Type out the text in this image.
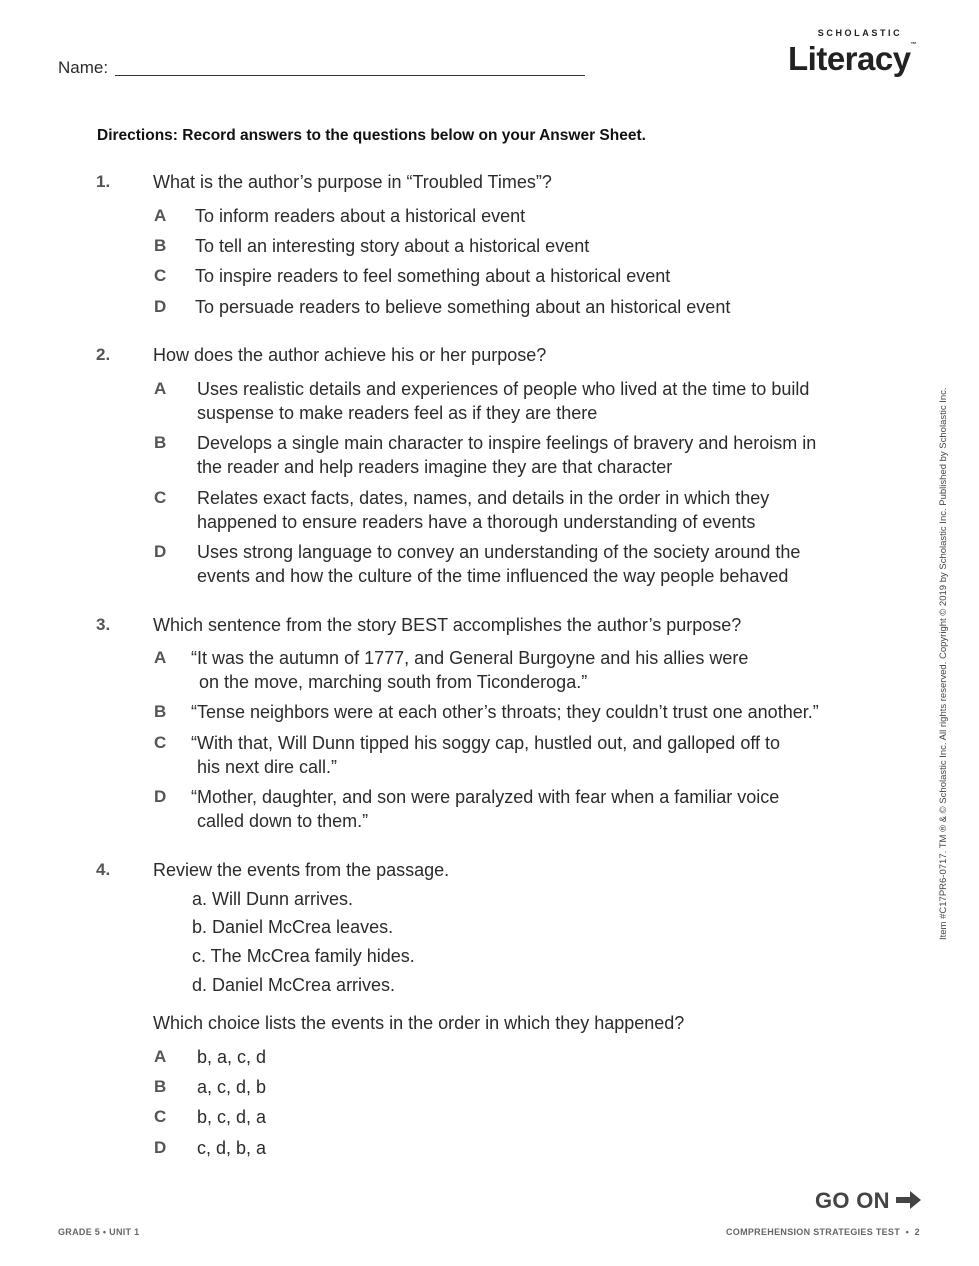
Name:
SCHOLASTIC
Literacy™
Directions: Record answers to the questions below on your Answer Sheet.
1. What is the author’s purpose in “Troubled Times”?
A To inform readers about a historical event
B To tell an interesting story about a historical event
C To inspire readers to feel something about a historical event
D To persuade readers to believe something about an historical event
2. How does the author achieve his or her purpose?
A Uses realistic details and experiences of people who lived at the time to build
suspense to make readers feel as if they are there
B Develops a single main character to inspire feelings of bravery and heroism in
the reader and help readers imagine they are that character
C Relates exact facts, dates, names, and details in the order in which they
happened to ensure readers have a thorough understanding of events
D Uses strong language to convey an understanding of the society around the
events and how the culture of the time influenced the way people behaved
3. Which sentence from the story BEST accomplishes the author’s purpose?
A “It was the autumn of 1777, and General Burgoyne and his allies were
on the move, marching south from Ticonderoga.”
B “Tense neighbors were at each other’s throats; they couldn’t trust one another.”
C “With that, Will Dunn tipped his soggy cap, hustled out, and galloped off to
his next dire call.”
D “Mother, daughter, and son were paralyzed with fear when a familiar voice
called down to them.”
4. Review the events from the passage.
a. Will Dunn arrives.
b. Daniel McCrea leaves.
c. The McCrea family hides.
d. Daniel McCrea arrives.
Which choice lists the events in the order in which they happened?
A b, a, c, d
B a, c, d, b
C b, c, d, a
D c, d, b, a
Item #C17PR6-0717. TM ® & © Scholastic Inc. All rights reserved. Copyright © 2019 by Scholastic Inc. Published by Scholastic Inc.
GO ON
GRADE 5 • UNIT 1	COMPREHENSION STRATEGIES TEST  •  2
